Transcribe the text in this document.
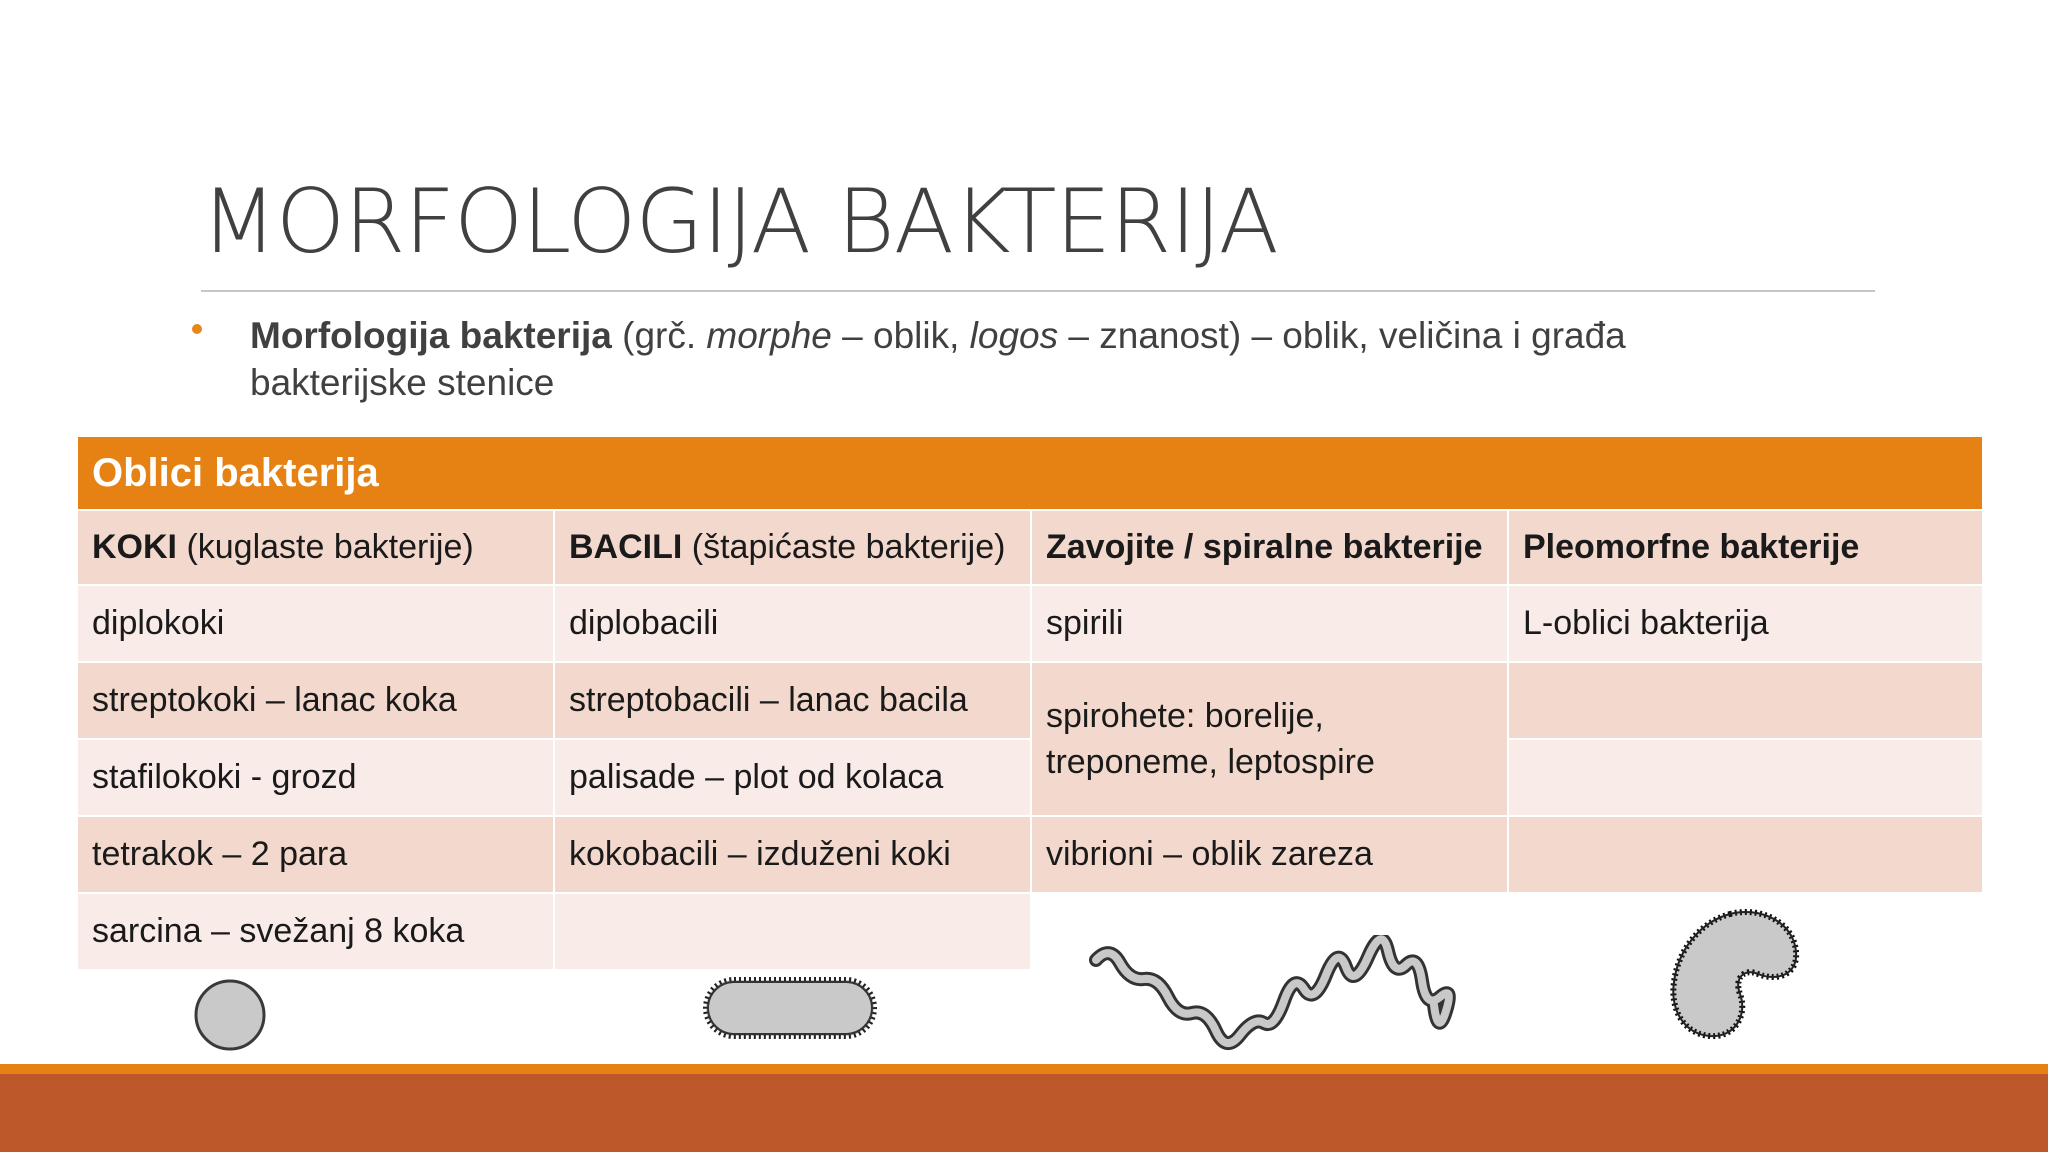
MORFOLOGIJA BAKTERIJA
Morfologija bakterija (grč. morphe – oblik, logos – znanost) – oblik, veličina i građa bakterijske stenice
Oblici bakterija			
KOKI (kuglaste bakterije)	BACILI (štapićaste bakterije)	Zavojite / spiralne bakterije	Pleomorfne bakterije
diplokoki	diplobacili	spirili	L-oblici bakterija
streptokoki – lanac koka	streptobacili – lanac bacila	spirohete: borelije, treponeme, leptospire	
stafilokoki - grozd	palisade – plot od kolaca		
tetrakok – 2 para	kokobacili – izduženi koki	vibrioni – oblik zareza	
sarcina – svežanj 8 koka			
